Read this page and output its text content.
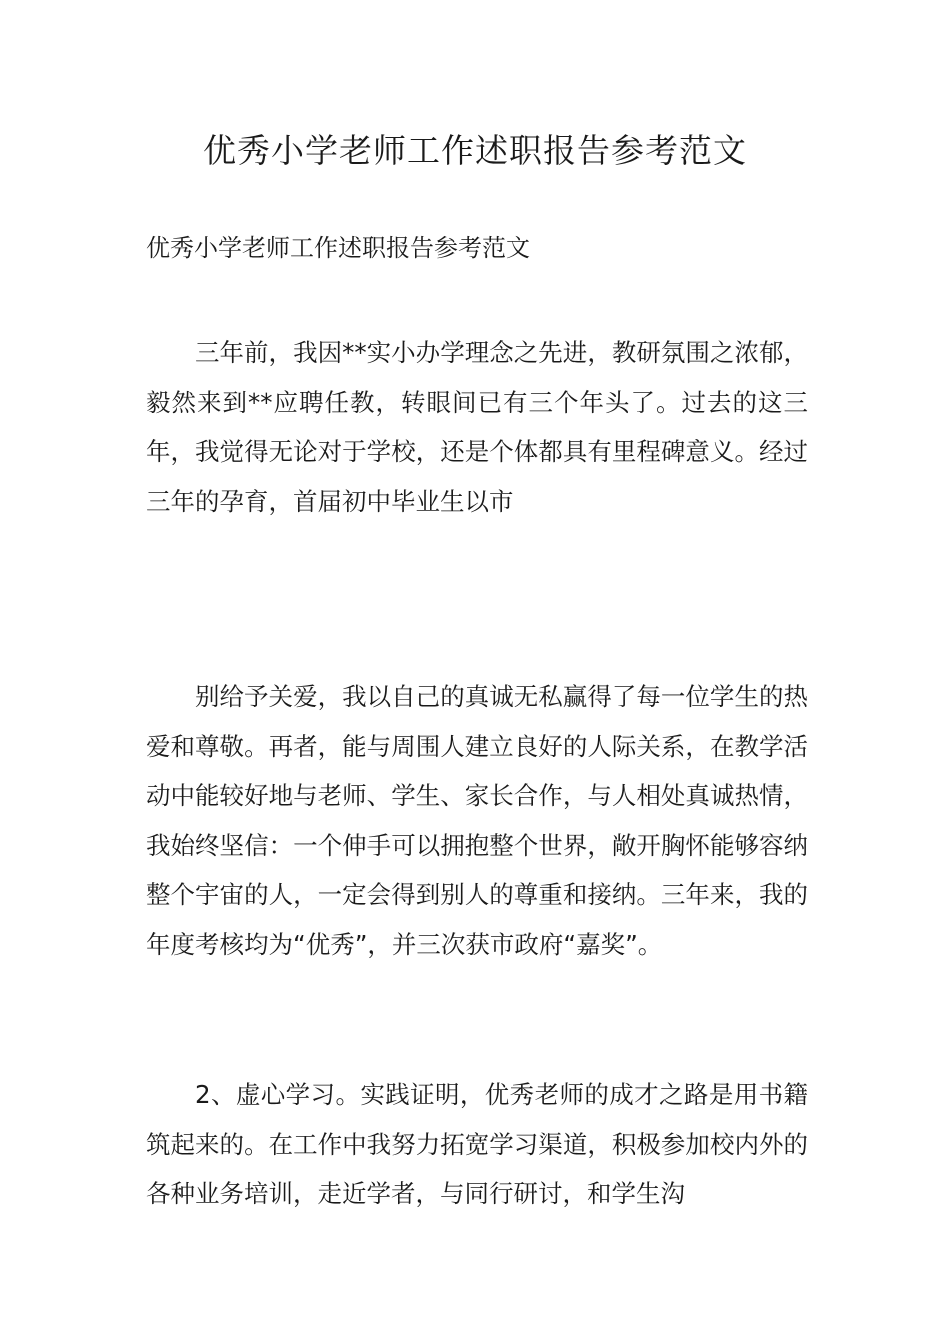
优秀小学老师工作述职报告参考范文

优秀小学老师工作述职报告参考范文

三年前，我因**实小办学理念之先进，教研氛围之浓郁，毅然来到**应聘任教，转眼间已有三个年头了。过去的这三年，我觉得无论对于学校，还是个体都具有里程碑意义。经过三年的孕育，首届初中毕业生以市

别给予关爱，我以自己的真诚无私赢得了每一位学生的热爱和尊敬。再者，能与周围人建立良好的人际关系，在教学活动中能较好地与老师、学生、家长合作，与人相处真诚热情，我始终坚信：一个伸手可以拥抱整个世界，敞开胸怀能够容纳整个宇宙的人，一定会得到别人的尊重和接纳。三年来，我的年度考核均为“优秀”，并三次获市政府“嘉奖”。

2、虚心学习。实践证明，优秀老师的成才之路是用书籍筑起来的。在工作中我努力拓宽学习渠道，积极参加校内外的各种业务培训，走近学者，与同行研讨，和学生沟
